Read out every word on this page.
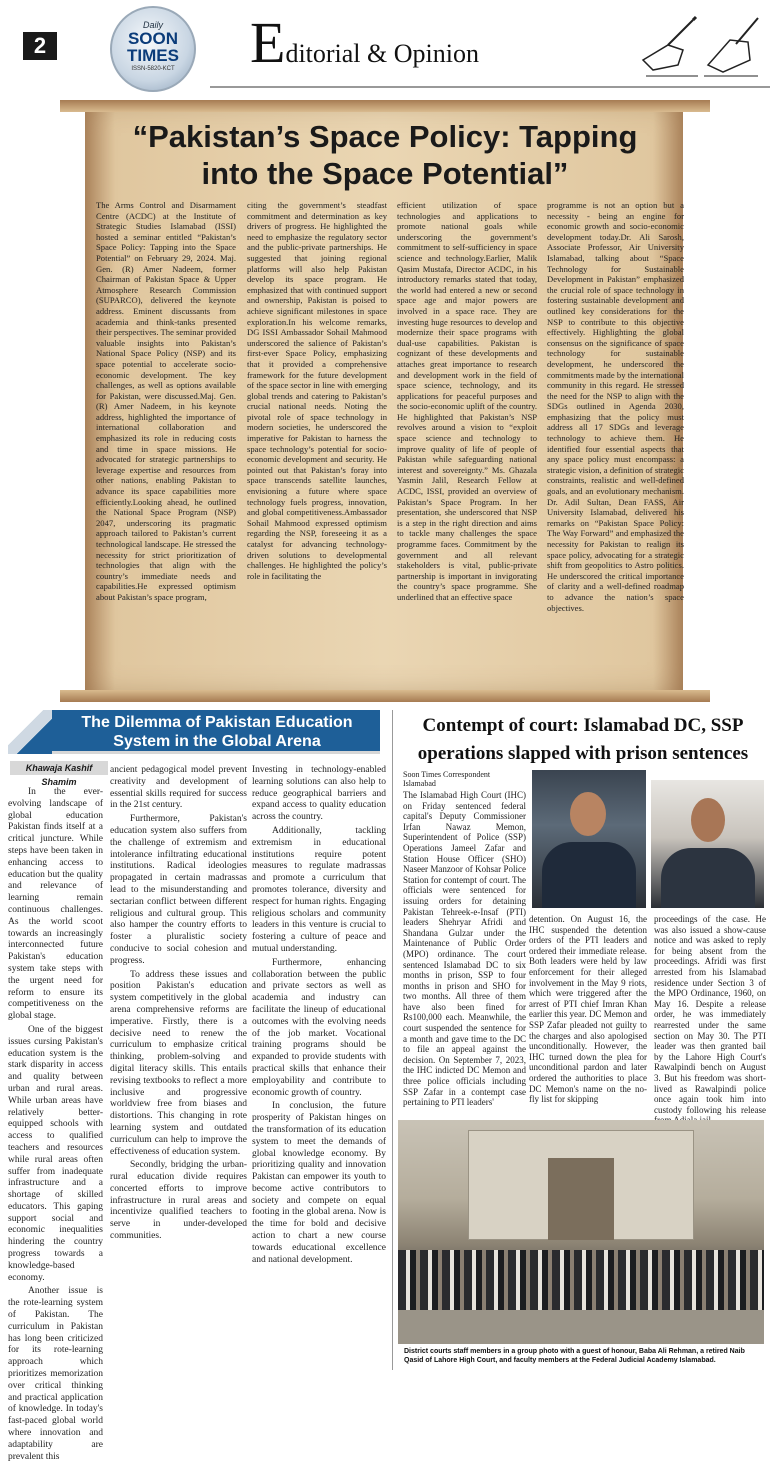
2
Daily
SOON
TIMES
ISSN-5820-KCT	Editorial & Opinion
“Pakistan’s Space Policy: Tapping into the Space Potential”
The Arms Control and Disarmament Centre (ACDC) at the Institute of Strategic Studies Islamabad (ISSI) hosted a seminar entitled “Pakistan’s Space Policy: Tapping into the Space Potential” on February 29, 2024. Maj. Gen. (R) Amer Nadeem, former Chairman of Pakistan Space & Upper Atmosphere Research Commission (SUPARCO), delivered the keynote address. Eminent discussants from academia and think-tanks presented their perspectives. The seminar provided valuable insights into Pakistan’s National Space Policy (NSP) and its space potential to accelerate socio-economic development. The key challenges, as well as options available for Pakistan, were discussed.Maj. Gen. (R) Amer Nadeem, in his keynote address, highlighted the importance of international collaboration and emphasized its role in reducing costs and time in space missions. He advocated for strategic partnerships to leverage expertise and resources from other nations, enabling Pakistan to advance its space capabilities more efficiently.Looking ahead, he outlined the National Space Program (NSP) 2047, underscoring its pragmatic approach tailored to Pakistan’s current technological landscape. He stressed the necessity for strict prioritization of technologies that align with the country’s immediate needs and capabilities.He expressed optimism about Pakistan’s space program,
citing the government’s steadfast commitment and determination as key drivers of progress. He highlighted the need to emphasize the regulatory sector and the public-private partnerships. He suggested that joining regional platforms will also help Pakistan develop its space program. He emphasized that with continued support and ownership, Pakistan is poised to achieve significant milestones in space exploration.In his welcome remarks, DG ISSI Ambassador Sohail Mahmood underscored the salience of Pakistan’s first-ever Space Policy, emphasizing that it provided a comprehensive framework for the future development of the space sector in line with emerging global trends and catering to Pakistan’s crucial national needs. Noting the pivotal role of space technology in modern societies, he underscored the imperative for Pakistan to harness the space technology’s potential for socio-economic development and security. He pointed out that Pakistan’s foray into space transcends satellite launches, envisioning a future where space technology fuels progress, innovation, and global competitiveness.Ambassador Sohail Mahmood expressed optimism regarding the NSP, foreseeing it as a catalyst for advancing technology-driven solutions to developmental challenges. He highlighted the policy’s role in facilitating the
efficient utilization of space technologies and applications to promote national goals while underscoring the government’s commitment to self-sufficiency in space science and technology.Earlier, Malik Qasim Mustafa, Director ACDC, in his introductory remarks stated that today, the world had entered a new or second space age and major powers are involved in a space race. They are investing huge resources to develop and modernize their space programs with dual-use capabilities. Pakistan is cognizant of these developments and attaches great importance to research and development work in the field of space science, technology, and its applications for peaceful purposes and the socio-economic uplift of the country. He highlighted that Pakistan’s NSP revolves around a vision to “exploit space science and technology to improve quality of life of people of Pakistan while safeguarding national interest and sovereignty.” Ms. Ghazala Yasmin Jalil, Research Fellow at ACDC, ISSI, provided an overview of Pakistan’s Space Program. In her presentation, she underscored that NSP is a step in the right direction and aims to tackle many challenges the space programme faces. Commitment by the government and all relevant stakeholders is vital, public-private partnership is important in invigorating the country’s space programme. She underlined that an effective space
programme is not an option but a necessity - being an engine for economic growth and socio-economic development today.Dr. Ali Sarosh, Associate Professor, Air University Islamabad, talking about “Space Technology for Sustainable Development in Pakistan” emphasized the crucial role of space technology in fostering sustainable development and outlined key considerations for the NSP to contribute to this objective effectively. Highlighting the global consensus on the significance of space technology for sustainable development, he underscored the commitments made by the international community in this regard. He stressed the need for the NSP to align with the SDGs outlined in Agenda 2030, emphasizing that the policy must address all 17 SDGs and leverage technology to achieve them. He identified four essential aspects that any space policy must encompass: a strategic vision, a definition of strategic constraints, realistic and well-defined goals, and an evolutionary mechanism. Dr. Adil Sultan, Dean FASS, Air University Islamabad, delivered his remarks on “Pakistan Space Policy: The Way Forward” and emphasized the necessity for Pakistan to realign its space policy, advocating for a strategic shift from geopolitics to Astro politics. He underscored the critical importance of clarity and a well-defined roadmap to advance the nation’s space objectives.
The Dilemma of Pakistan Education System in the Global Arena
Khawaja Kashif Shamim

In the ever-evolving landscape of global education Pakistan finds itself at a critical juncture. While steps have been taken in enhancing access to education but the quality and relevance of learning remain continuous challenges. As the world scoot towards an increasingly interconnected future Pakistan's education system take steps with the urgent need for reform to ensure its competitiveness on the global stage.

One of the biggest issues cursing Pakistan's education system is the stark disparity in access and quality between urban and rural areas. While urban areas have relatively better-equipped schools with access to qualified teachers and resources while rural areas often suffer from inadequate infrastructure and a shortage of skilled educators. This gaping support social and economic inequalities hindering the country progress towards a knowledge-based economy.

Another issue is the rote-learning system of Pakistan. The curriculum in Pakistan has long been criticized for its rote-learning approach which prioritizes memorization over critical thinking and practical application of knowledge. In today's fast-paced global world where innovation and adaptability are prevalent this

ancient pedagogical model prevent creativity and development of essential skills required for success in the 21st century.

Furthermore, Pakistan's education system also suffers from the challenge of extremism and intolerance infiltrating educational institutions. Radical ideologies propagated in certain madrassas lead to the misunderstanding and sectarian conflict between different religious and cultural group. This also hamper the country efforts to foster a pluralistic society conducive to social cohesion and progress.

To address these issues and position Pakistan's education system competitively in the global arena comprehensive reforms are imperative. Firstly, there is a decisive need to renew the curriculum to emphasize critical thinking, problem-solving and digital literacy skills. This entails revising textbooks to reflect a more inclusive and progressive worldview free from biases and distortions. This changing in rote learning system and outdated curriculum can help to improve the effectiveness of education system.

Secondly, bridging the urban-rural education divide requires concerted efforts to improve infrastructure in rural areas and incentivize qualified teachers to serve in under-developed communities.

Investing in technology-enabled learning solutions can also help to reduce geographical barriers and expand access to quality education across the country.

Additionally, tackling extremism in educational institutions require potent measures to regulate madrassas and promote a curriculum that promotes tolerance, diversity and respect for human rights. Engaging religious scholars and community leaders in this venture is crucial to fostering a culture of peace and mutual understanding.

Furthermore, enhancing collaboration between the public and private sectors as well as academia and industry can facilitate the lineup of educational outcomes with the evolving needs of the job market. Vocational training programs should be expanded to provide students with practical skills that enhance their employability and contribute to economic growth of country.

In conclusion, the future prosperity of Pakistan hinges on the transformation of its education system to meet the demands of global knowledge economy. By prioritizing quality and innovation Pakistan can empower its youth to become active contributors to society and compete on equal footing in the global arena. Now is the time for bold and decisive action to chart a new course towards educational excellence and national development.

Contempt of court: Islamabad DC, SSP operations slapped with prison sentences
Soon Times Correspondent
Islamabad
The Islamabad High Court (IHC) on Friday sentenced federal capital's Deputy Commissioner Irfan Nawaz Memon, Superintendent of Police (SSP) Operations Jameel Zafar and Station House Officer (SHO) Naseer Manzoor of Kohsar Police Station for contempt of court. The officials were sentenced for issuing orders for detaining Pakistan Tehreek-e-Insaf (PTI) leaders Shehryar Afridi and Shandana Gulzar under the Maintenance of Public Order (MPO) ordinance. The court sentenced Islamabad DC to six months in prison, SSP to four months in prison and SHO for two months. All three of them have also been fined for Rs100,000 each. Meanwhile, the court suspended the sentence for a month and gave time to the DC to file an appeal against the decision. On September 7, 2023, the IHC indicted DC Memon and three police officials including SSP Zafar in a contempt case pertaining to PTI leaders'
detention. On August 16, the IHC suspended the detention orders of the PTI leaders and ordered their immediate release. Both leaders were held by law enforcement for their alleged involvement in the May 9 riots, which were triggered after the arrest of PTI chief Imran Khan earlier this year. DC Memon and SSP Zafar pleaded not guilty to the charges and also apologised unconditionally. However, the IHC turned down the plea for unconditional pardon and later ordered the authorities to place DC Memon's name on the no-fly list for skipping
proceedings of the case. He was also issued a show-cause notice and was asked to reply for being absent from the proceedings. Afridi was first arrested from his Islamabad residence under Section 3 of the MPO Ordinance, 1960, on May 16. Despite a release order, he was immediately rearrested under the same section on May 30. The PTI leader was then granted bail by the Lahore High Court's Rawalpindi bench on August 3. But his freedom was short-lived as Rawalpindi police once again took him into custody following his release
District courts staff members in a group photo with a guest of honour, Baba Ali Rehman, a retired Naib Qasid of Lahore High Court, and faculty members at the Federal Judicial Academy Islamabad.
